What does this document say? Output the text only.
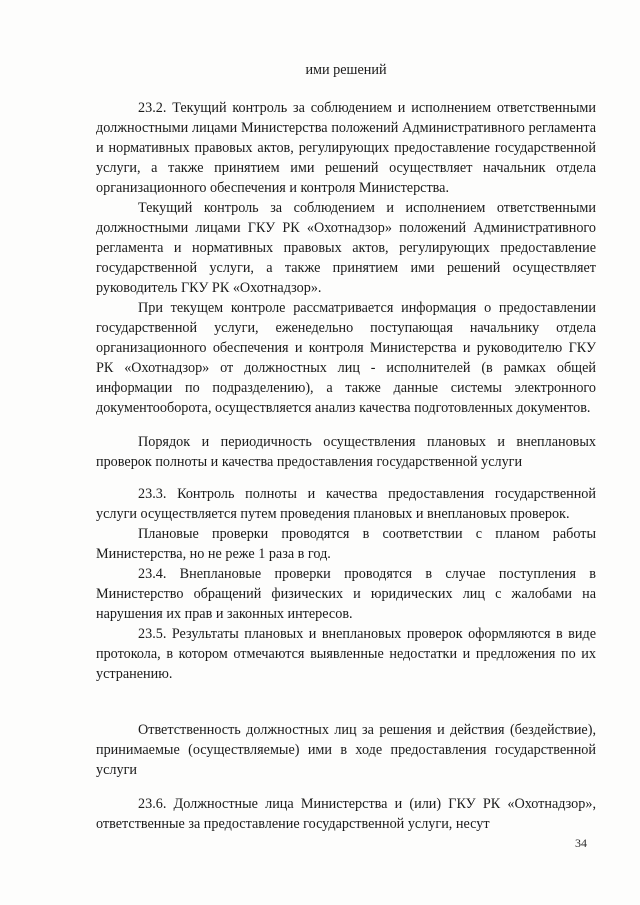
ими решений

23.2. Текущий контроль за соблюдением и исполнением ответственными должностными лицами Министерства положений Административного регламента и нормативных правовых актов, регулирующих предоставление государственной услуги, а также принятием ими решений осуществляет начальник отдела организационного обеспечения и контроля Министерства.

Текущий контроль за соблюдением и исполнением ответственными должностными лицами ГКУ РК «Охотнадзор» положений Административного регламента и нормативных правовых актов, регулирующих предоставление государственной услуги, а также принятием ими решений осуществляет руководитель ГКУ РК «Охотнадзор».

При текущем контроле рассматривается информация о предоставлении государственной услуги, еженедельно поступающая начальнику отдела организационного обеспечения и контроля Министерства и руководителю ГКУ РК «Охотнадзор» от должностных лиц - исполнителей (в рамках общей информации по подразделению), а также данные системы электронного документооборота, осуществляется анализ качества подготовленных документов.

Порядок и периодичность осуществления плановых и внеплановых проверок полноты и качества предоставления государственной услуги

23.3. Контроль полноты и качества предоставления государственной услуги осуществляется путем проведения плановых и внеплановых проверок.

Плановые проверки проводятся в соответствии с планом работы Министерства, но не реже 1 раза в год.

23.4. Внеплановые проверки проводятся в случае поступления в Министерство обращений физических и юридических лиц с жалобами на нарушения их прав и законных интересов.

23.5. Результаты плановых и внеплановых проверок оформляются в виде протокола, в котором отмечаются выявленные недостатки и предложения по их устранению.

Ответственность должностных лиц за решения и действия (бездействие), принимаемые (осуществляемые) ими в ходе предоставления государственной услуги

23.6. Должностные лица Министерства и (или) ГКУ РК «Охотнадзор», ответственные за предоставление государственной услуги, несут

34
